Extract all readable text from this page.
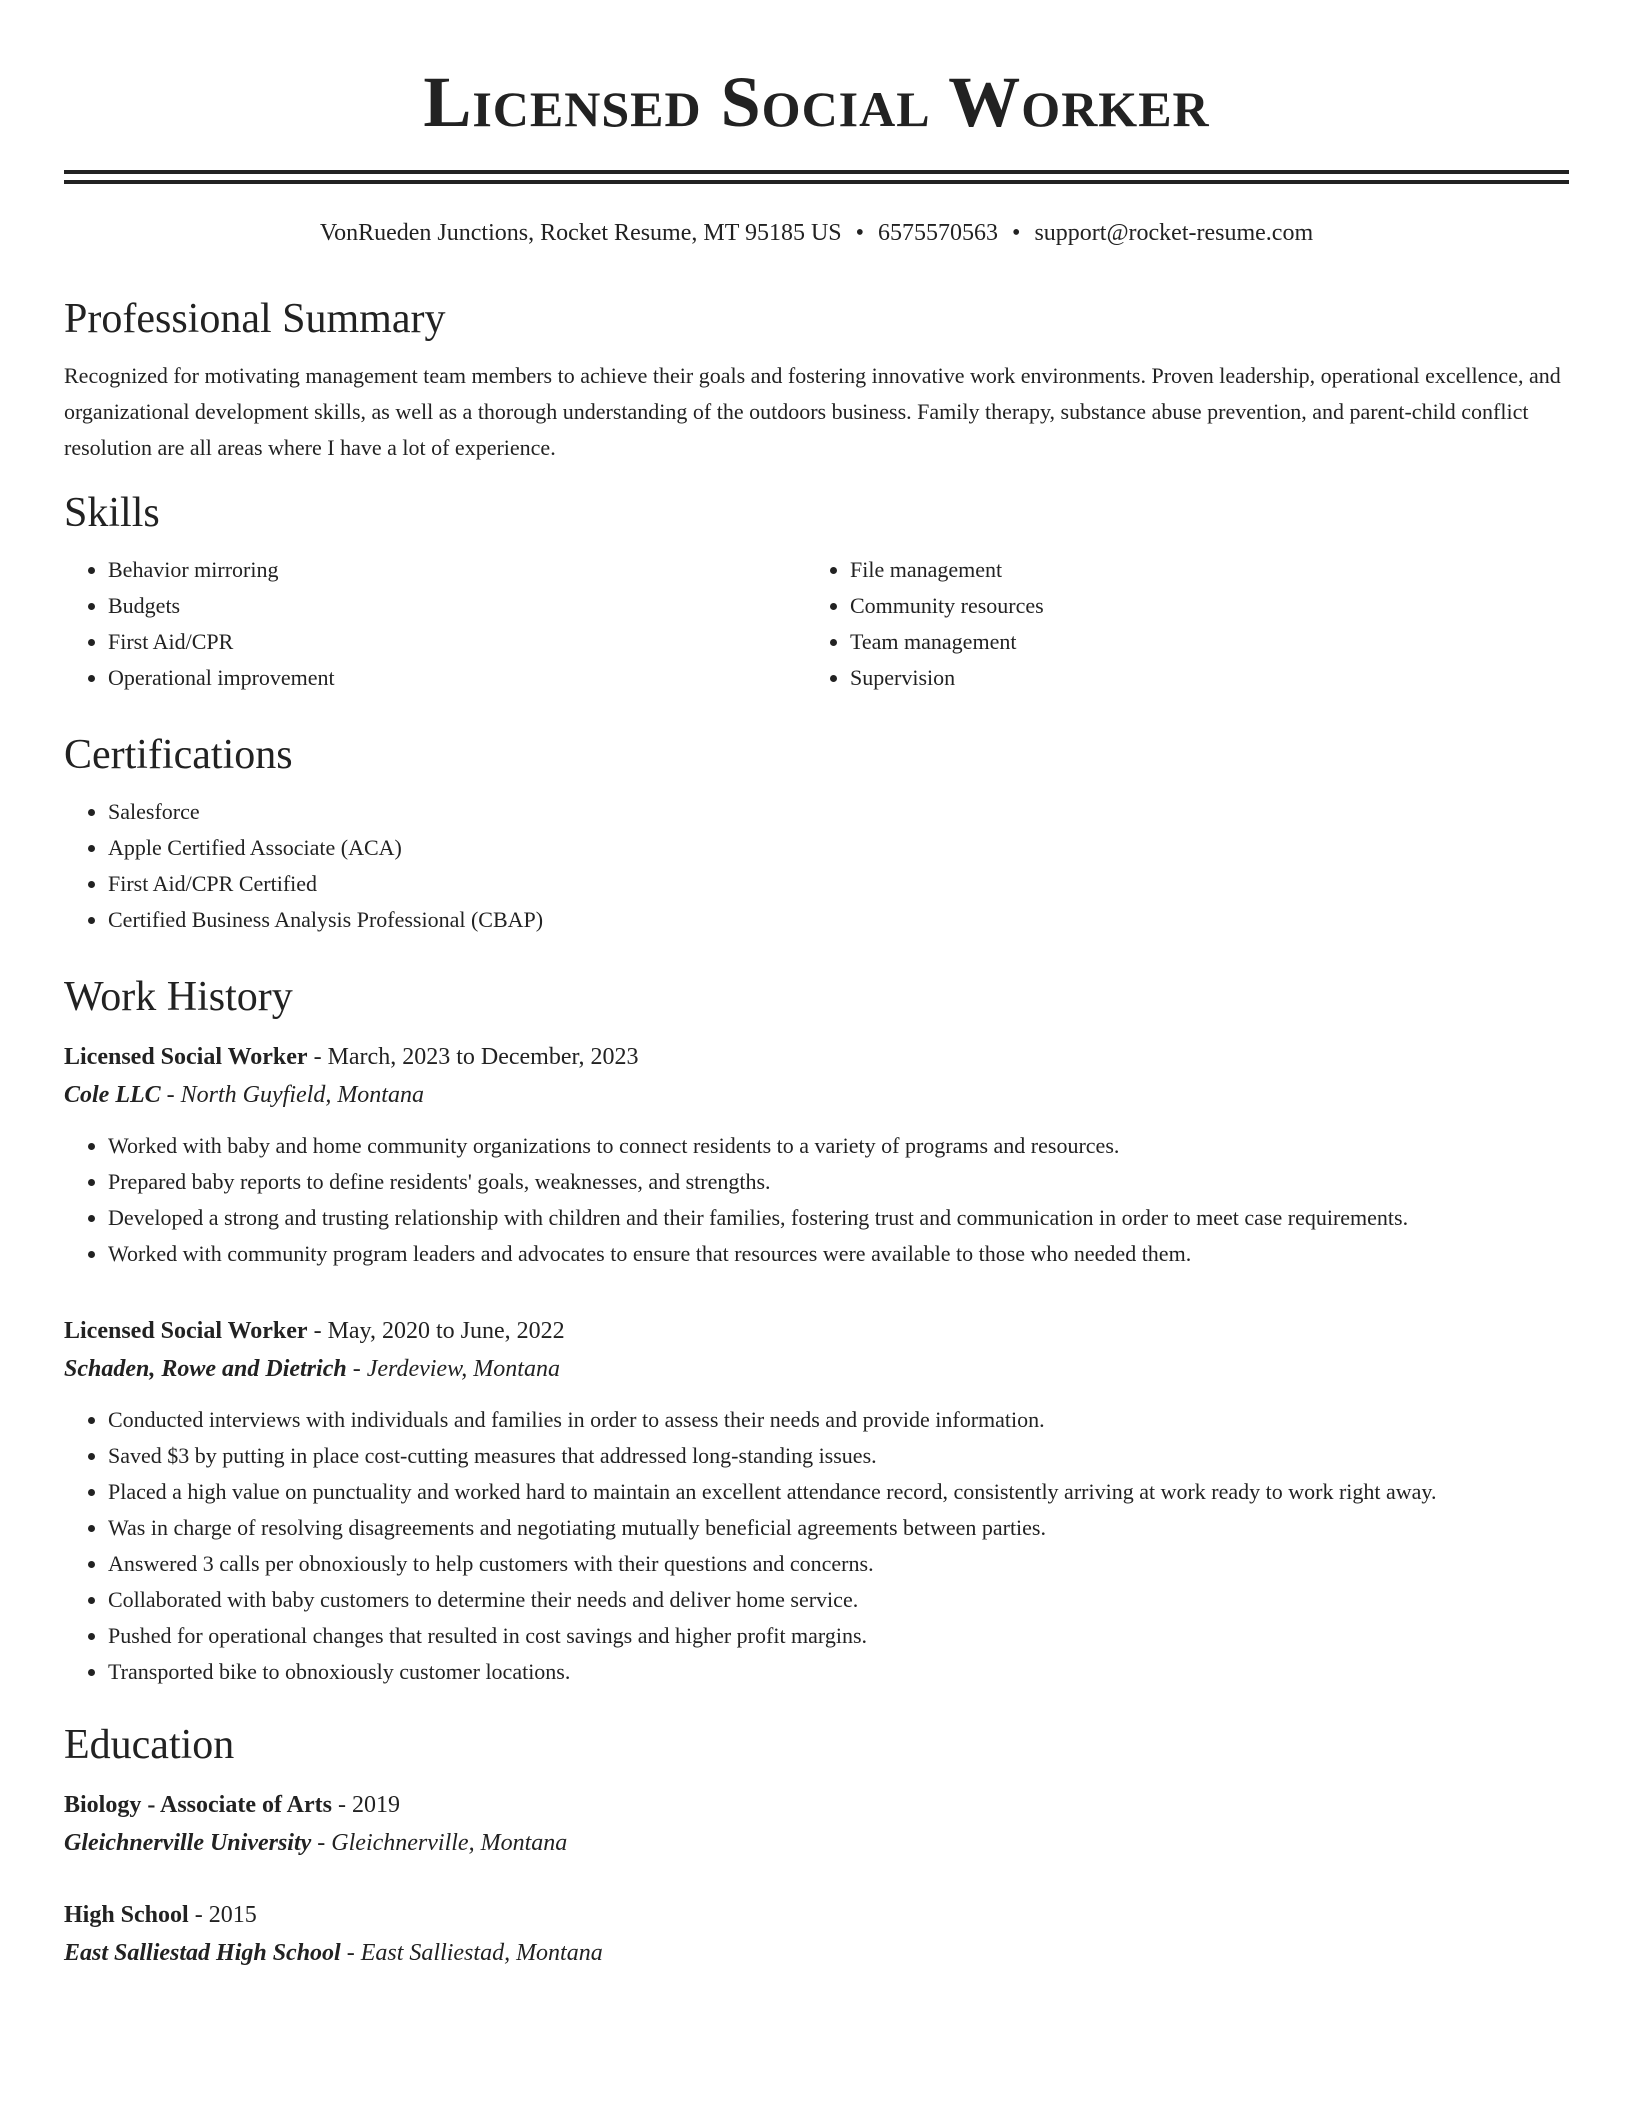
Licensed Social Worker
VonRueden Junctions, Rocket Resume, MT 95185 US • 6575570563 • support@rocket-resume.com
Professional Summary

Recognized for motivating management team members to achieve their goals and fostering innovative work environments. Proven leadership, operational excellence, and organizational development skills, as well as a thorough understanding of the outdoors business. Family therapy, substance abuse prevention, and parent-child conflict resolution are all areas where I have a lot of experience.

Skills
• Behavior mirroring
• Budgets
• First Aid/CPR
• Operational improvement
• File management
• Community resources
• Team management
• Supervision
Certifications
• Salesforce
• Apple Certified Associate (ACA)
• First Aid/CPR Certified
• Certified Business Analysis Professional (CBAP)
Work History
Licensed Social Worker - March, 2023 to December, 2023
Cole LLC - North Guyfield, Montana
• Worked with baby and home community organizations to connect residents to a variety of programs and resources.
• Prepared baby reports to define residents' goals, weaknesses, and strengths.
• Developed a strong and trusting relationship with children and their families, fostering trust and communication in order to meet case requirements.
• Worked with community program leaders and advocates to ensure that resources were available to those who needed them.
Licensed Social Worker - May, 2020 to June, 2022
Schaden, Rowe and Dietrich - Jerdeview, Montana
• Conducted interviews with individuals and families in order to assess their needs and provide information.
• Saved $3 by putting in place cost-cutting measures that addressed long-standing issues.
• Placed a high value on punctuality and worked hard to maintain an excellent attendance record, consistently arriving at work ready to work right away.
• Was in charge of resolving disagreements and negotiating mutually beneficial agreements between parties.
• Answered 3 calls per obnoxiously to help customers with their questions and concerns.
• Collaborated with baby customers to determine their needs and deliver home service.
• Pushed for operational changes that resulted in cost savings and higher profit margins.
• Transported bike to obnoxiously customer locations.
Education
Biology - Associate of Arts - 2019
Gleichnerville University - Gleichnerville, Montana
High School - 2015
East Salliestad High School - East Salliestad, Montana
